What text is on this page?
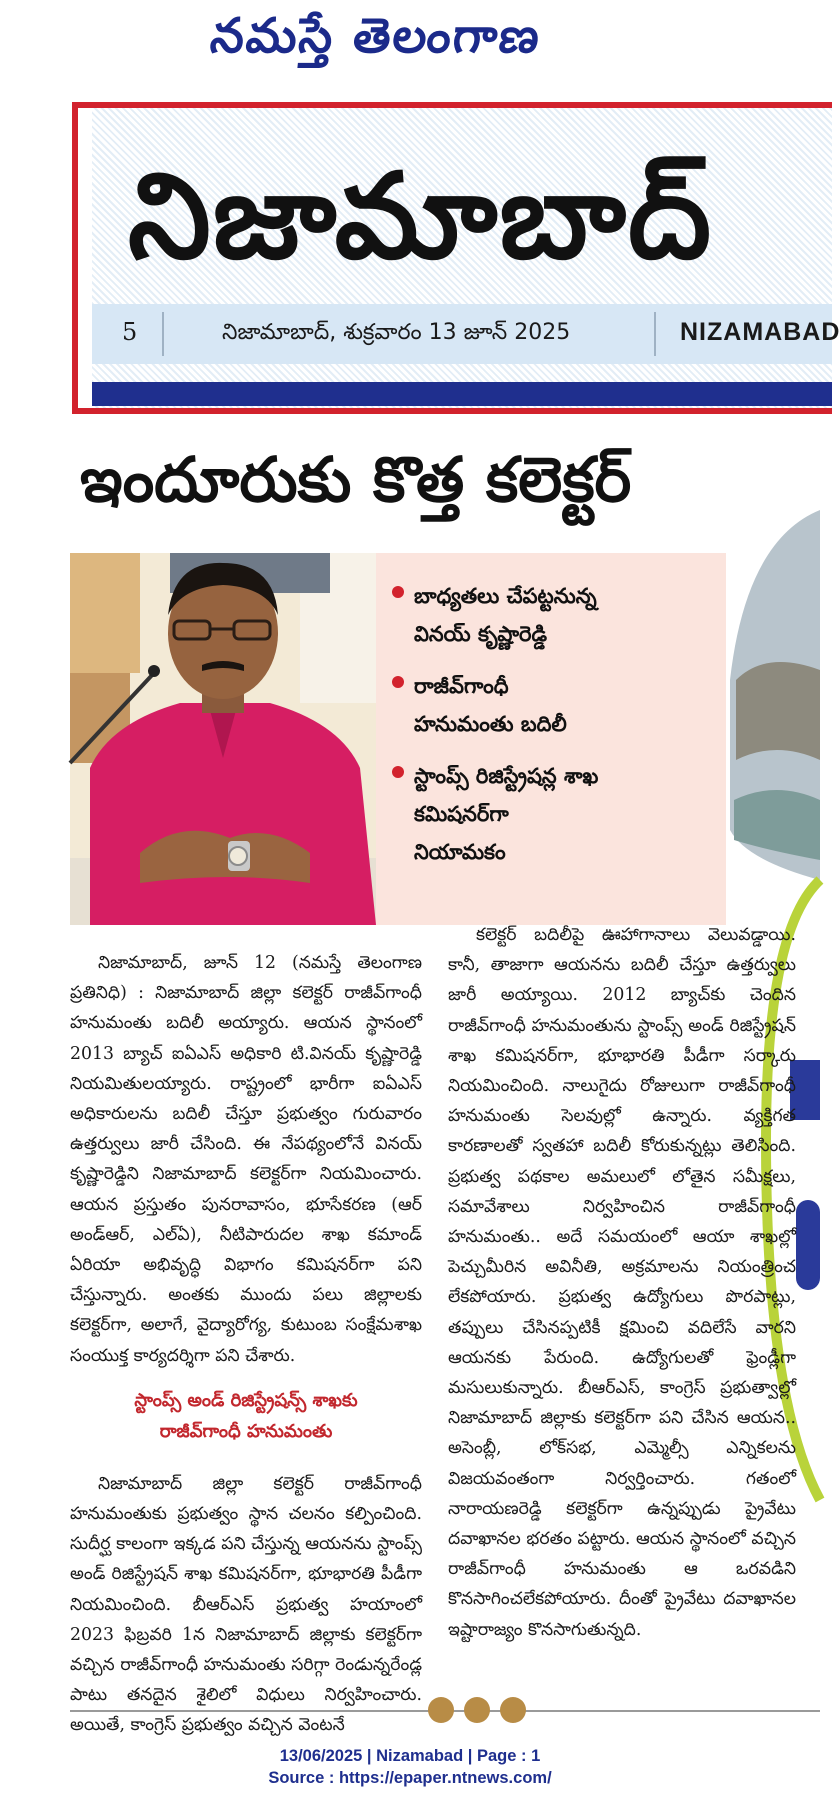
నమస్తే తెలంగాణ
నిజామాబాద్
5	నిజామాబాద్, శుక్రవారం 13 జూన్ 2025	NIZAMABAD
ఇందూరుకు కొత్త కలెక్టర్
బాధ్యతలు చేపట్టనున్న
వినయ్ కృష్ణారెడ్డి
రాజీవ్‌గాంధీ
హనుమంతు బదిలీ
స్టాంప్స్ రిజిస్ట్రేషన్ల శాఖ
కమిషనర్‌గా
నియామకం

నిజామాబాద్, జూన్ 12 (నమస్తే తెలంగాణ ప్రతినిధి) : నిజామాబాద్ జిల్లా కలెక్టర్ రాజీవ్‌గాంధీ హనుమంతు బదిలీ అయ్యారు. ఆయన స్థానంలో 2013 బ్యాచ్ ఐఏఎస్ అధికారి టి.వినయ్ కృష్ణారెడ్డి నియమితులయ్యారు. రాష్ట్రంలో భారీగా ఐఏఎస్ అధికారులను బదిలీ చేస్తూ ప్రభుత్వం గురువారం ఉత్తర్వులు జారీ చేసింది. ఈ నేపథ్యంలోనే వినయ్ కృష్ణారెడ్డిని నిజామాబాద్ కలెక్టర్‌గా నియమించారు. ఆయన ప్రస్తుతం పునరావాసం, భూసేకరణ (ఆర్ అండ్‌ఆర్, ఎల్‌ఏ), నీటిపారుదల శాఖ కమాండ్ ఏరియా అభివృద్ధి విభాగం కమిషనర్‌గా పని చేస్తున్నారు. అంతకు ముందు పలు జిల్లాలకు కలెక్టర్‌గా, అలాగే, వైద్యారోగ్య, కుటుంబ సంక్షేమశాఖ సంయుక్త కార్యదర్శిగా పని చేశారు.

స్టాంప్స్ అండ్ రిజిస్ట్రేషన్స్ శాఖకు
రాజీవ్‌గాంధీ హనుమంతు

నిజామాబాద్ జిల్లా కలెక్టర్ రాజీవ్‌గాంధీ హనుమంతుకు ప్రభుత్వం స్థాన చలనం కల్పించింది. సుదీర్ఘ కాలంగా ఇక్కడ పని చేస్తున్న ఆయనను స్టాంప్స్ అండ్ రిజిస్ట్రేషన్ శాఖ కమిషనర్‌గా, భూభారతి పీడీగా నియమించింది. బీఆర్‌ఎస్ ప్రభుత్వ హయాంలో 2023 ఫిబ్రవరి 1న నిజామాబాద్ జిల్లాకు కలెక్టర్‌గా వచ్చిన రాజీవ్‌గాంధీ హనుమంతు సరిగ్గా రెండున్నరేండ్ల పాటు తనదైన శైలిలో విధులు నిర్వహించారు. అయితే, కాంగ్రెస్ ప్రభుత్వం వచ్చిన వెంటనే

కలెక్టర్ బదిలీపై ఊహాగానాలు వెలువడ్డాయి. కానీ, తాజాగా ఆయనను బదిలీ చేస్తూ ఉత్తర్వులు జారీ అయ్యాయి. 2012 బ్యాచ్‌కు చెందిన రాజీవ్‌గాంధీ హనుమంతును స్టాంప్స్ అండ్ రిజిస్ట్రేషన్ శాఖ కమిషనర్‌గా, భూభారతి పీడీగా సర్కారు నియమించింది. నాలుగైదు రోజులుగా రాజీవ్‌గాంధీ హనుమంతు సెలవుల్లో ఉన్నారు. వ్యక్తిగత కారణాలతో స్వతహా బదిలీ కోరుకున్నట్లు తెలిసింది. ప్రభుత్వ పథకాల అమలులో లోతైన సమీక్షలు, సమావేశాలు నిర్వహించిన రాజీవ్‌గాంధీ హనుమంతు.. అదే సమయంలో ఆయా శాఖల్లో పెచ్చుమీరిన అవినీతి, అక్రమాలను నియంత్రించ లేకపోయారు. ప్రభుత్వ ఉద్యోగులు పొరపాట్లు, తప్పులు చేసినప్పటికీ క్షమించి వదిలేసే వారని ఆయనకు పేరుంది. ఉద్యోగులతో ఫ్రెండ్లీగా మసులుకున్నారు. బీఆర్‌ఎస్, కాంగ్రెస్ ప్రభుత్వాల్లో నిజామాబాద్ జిల్లాకు కలెక్టర్‌గా పని చేసిన ఆయన.. అసెంబ్లీ, లోక్‌సభ, ఎమ్మెల్సీ ఎన్నికలను విజయవంతంగా నిర్వర్తించారు. గతంలో నారాయణరెడ్డి కలెక్టర్‌గా ఉన్నప్పుడు ప్రైవేటు దవాఖానల భరతం పట్టారు. ఆయన స్థానంలో వచ్చిన రాజీవ్‌గాంధీ హనుమంతు ఆ ఒరవడిని కొనసాగించలేకపోయారు. దీంతో ప్రైవేటు దవాఖానల ఇష్టారాజ్యం కొనసాగుతున్నది.

13/06/2025 | Nizamabad | Page : 1
Source : https://epaper.ntnews.com/
